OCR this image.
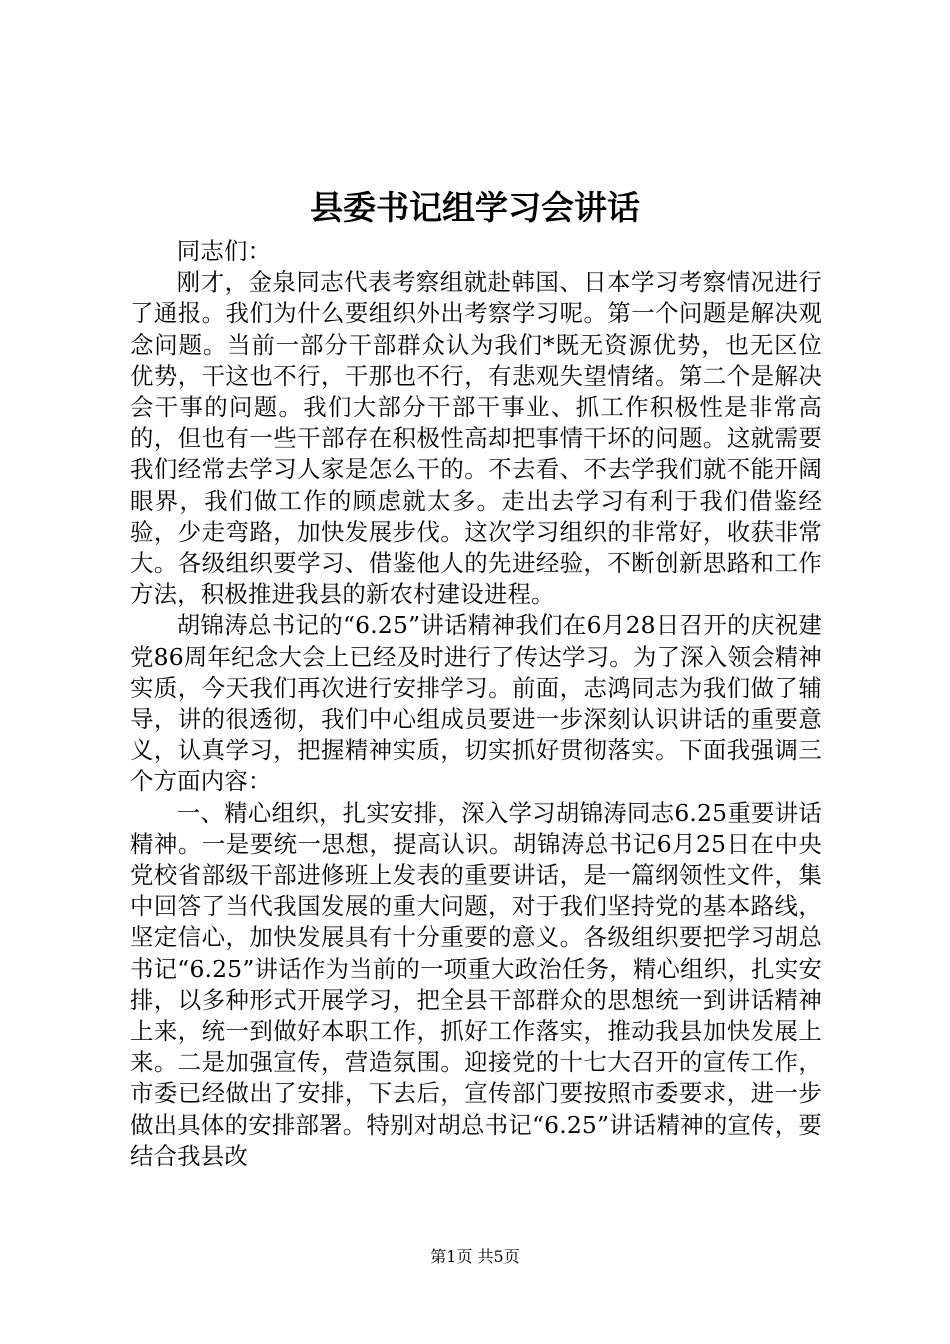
县委书记组学习会讲话

同志们：

刚才，金泉同志代表考察组就赴韩国、日本学习考察情况进行了通报。我们为什么要组织外出考察学习呢。第一个问题是解决观念问题。当前一部分干部群众认为我们*既无资源优势，也无区位优势，干这也不行，干那也不行，有悲观失望情绪。第二个是解决会干事的问题。我们大部分干部干事业、抓工作积极性是非常高的，但也有一些干部存在积极性高却把事情干坏的问题。这就需要我们经常去学习人家是怎么干的。不去看、不去学我们就不能开阔眼界，我们做工作的顾虑就太多。走出去学习有利于我们借鉴经验，少走弯路，加快发展步伐。这次学习组织的非常好，收获非常大。各级组织要学习、借鉴他人的先进经验，不断创新思路和工作方法，积极推进我县的新农村建设进程。

胡锦涛总书记的“6.25”讲话精神我们在6月28日召开的庆祝建党86周年纪念大会上已经及时进行了传达学习。为了深入领会精神实质，今天我们再次进行安排学习。前面，志鸿同志为我们做了辅导，讲的很透彻，我们中心组成员要进一步深刻认识讲话的重要意义，认真学习，把握精神实质，切实抓好贯彻落实。下面我强调三个方面内容：

一、精心组织，扎实安排，深入学习胡锦涛同志6.25重要讲话精神。一是要统一思想，提高认识。胡锦涛总书记6月25日在中央党校省部级干部进修班上发表的重要讲话，是一篇纲领性文件，集中回答了当代我国发展的重大问题，对于我们坚持党的基本路线，坚定信心，加快发展具有十分重要的意义。各级组织要把学习胡总书记“6.25”讲话作为当前的一项重大政治任务，精心组织，扎实安排，以多种形式开展学习，把全县干部群众的思想统一到讲话精神上来，统一到做好本职工作，抓好工作落实，推动我县加快发展上来。二是加强宣传，营造氛围。迎接党的十七大召开的宣传工作，市委已经做出了安排，下去后，宣传部门要按照市委要求，进一步做出具体的安排部署。特别对胡总书记“6.25”讲话精神的宣传，要结合我县改

第1页 共5页
